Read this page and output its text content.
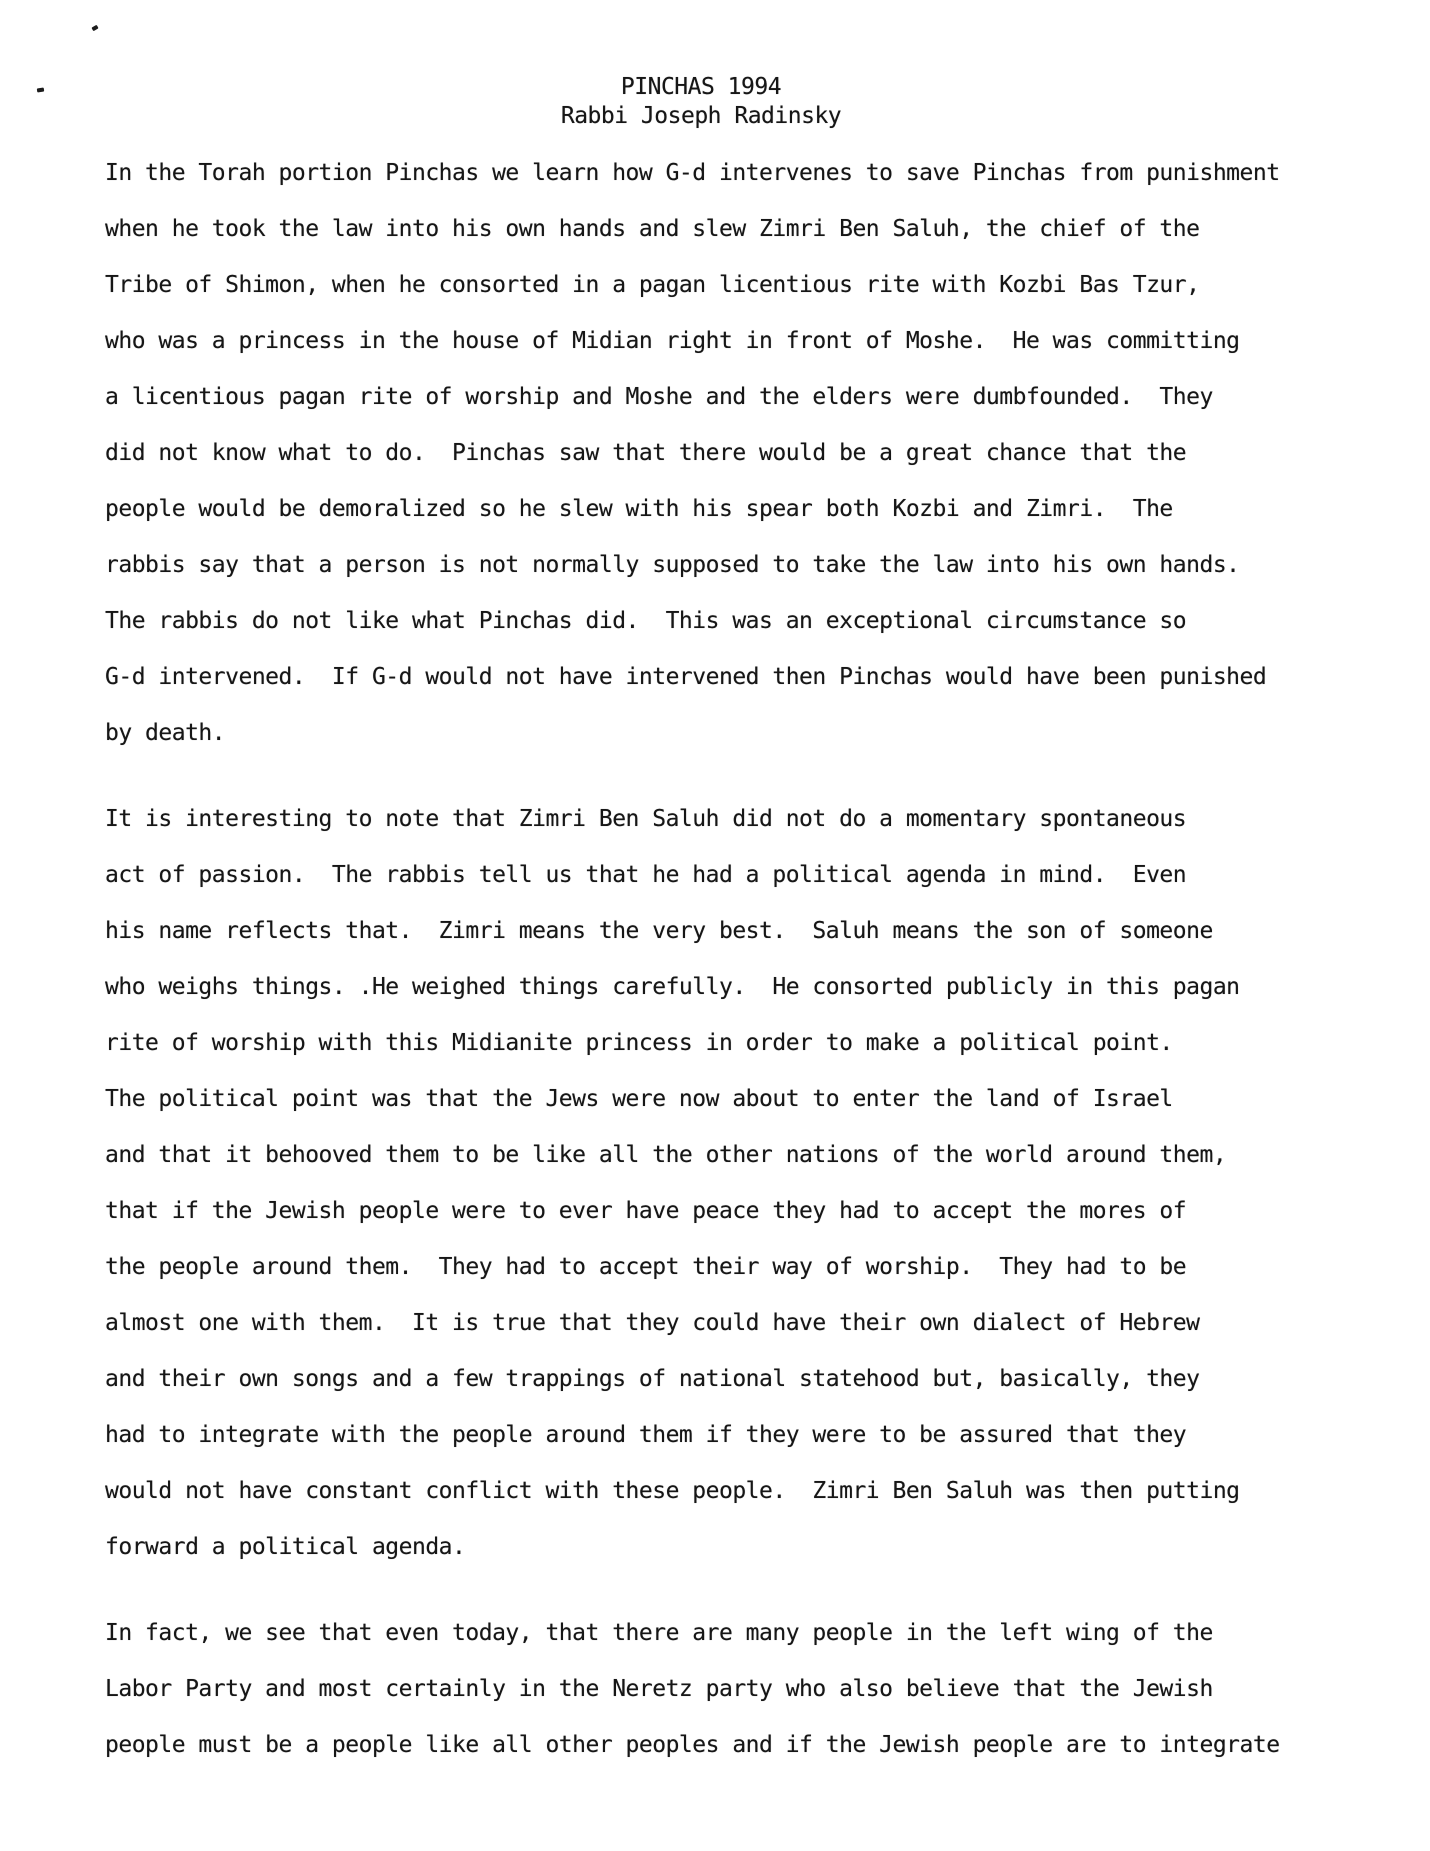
PINCHAS 1994
Rabbi Joseph Radinsky
In the Torah portion Pinchas we learn how G-d intervenes to save Pinchas from punishment
when he took the law into his own hands and slew Zimri Ben Saluh, the chief of the
Tribe of Shimon, when he consorted in a pagan licentious rite with Kozbi Bas Tzur,
who was a princess in the house of Midian right in front of Moshe.  He was committing
a licentious pagan rite of worship and Moshe and the elders were dumbfounded.  They
did not know what to do.  Pinchas saw that there would be a great chance that the
people would be demoralized so he slew with his spear both Kozbi and Zimri.  The
rabbis say that a person is not normally supposed to take the law into his own hands.
The rabbis do not like what Pinchas did.  This was an exceptional circumstance so
G-d intervened.  If G-d would not have intervened then Pinchas would have been punished
by death.
It is interesting to note that Zimri Ben Saluh did not do a momentary spontaneous
act of passion.  The rabbis tell us that he had a political agenda in mind.  Even
his name reflects that.  Zimri means the very best.  Saluh means the son of someone
who weighs things. .He weighed things carefully.  He consorted publicly in this pagan
rite of worship with this Midianite princess in order to make a political point.
The political point was that the Jews were now about to enter the land of Israel
and that it behooved them to be like all the other nations of the world around them,
that if the Jewish people were to ever have peace they had to accept the mores of
the people around them.  They had to accept their way of worship.  They had to be
almost one with them.  It is true that they could have their own dialect of Hebrew
and their own songs and a few trappings of national statehood but, basically, they
had to integrate with the people around them if they were to be assured that they
would not have constant conflict with these people.  Zimri Ben Saluh was then putting
forward a political agenda.
In fact, we see that even today, that there are many people in the left wing of the
Labor Party and most certainly in the Neretz party who also believe that the Jewish
people must be a people like all other peoples and if the Jewish people are to integrate
